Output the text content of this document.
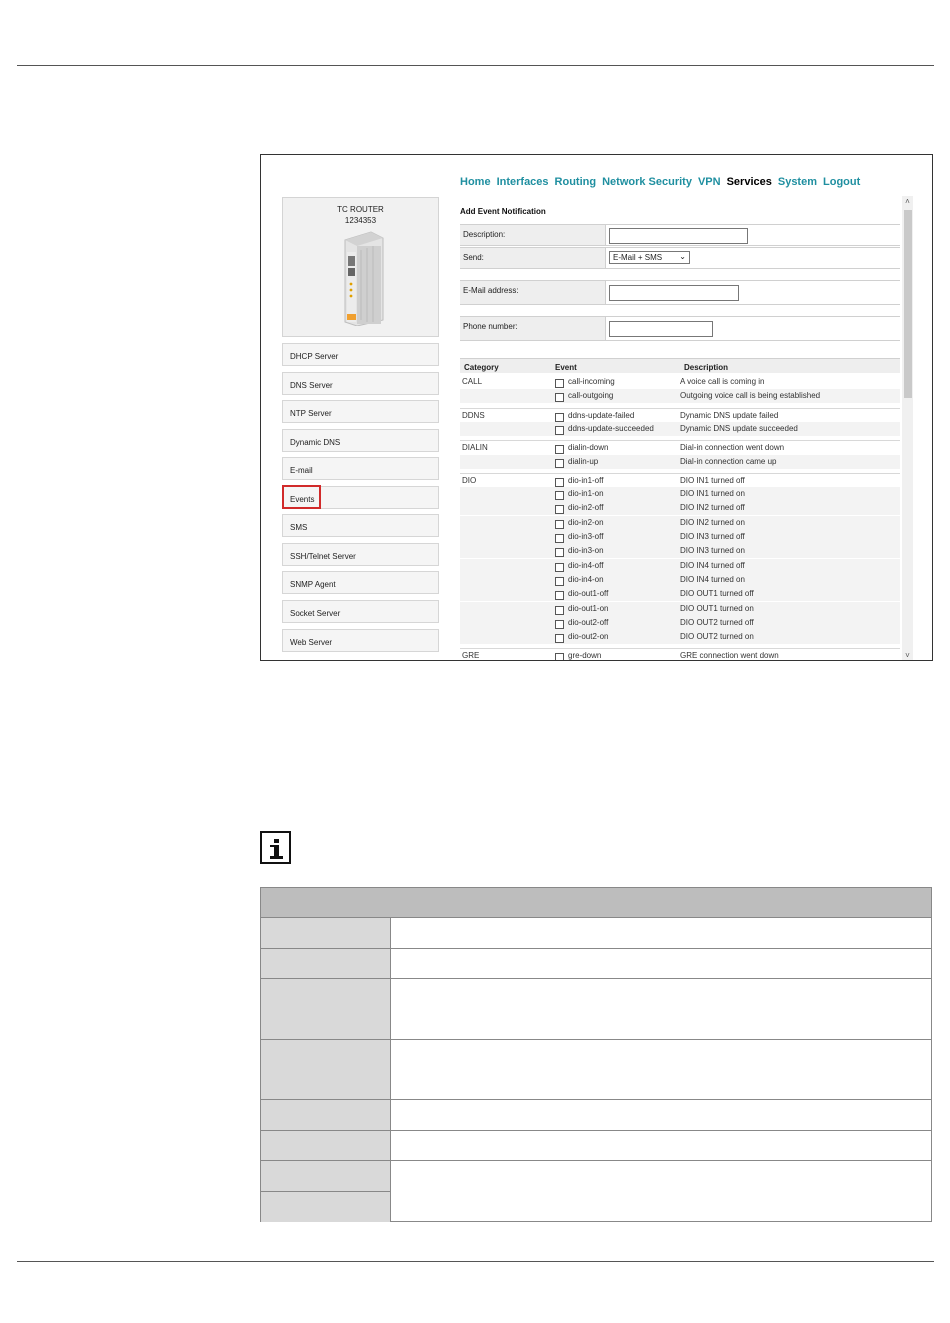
Home Interfaces Routing Network Security VPN Services System Logout
TC ROUTER
1234353
DHCP Server
DNS Server
NTP Server
Dynamic DNS
E-mail
Events
SMS
SSH/Telnet Server
SNMP Agent
Socket Server
Web Server
Add Event Notification
Description:
Send:	E-Mail + SMS ⌄
E-Mail address:
Phone number:
Category	Event	Description
CALL	call-incoming	A voice call is coming in
call-outgoing	Outgoing voice call is being established
DDNS	ddns-update-failed	Dynamic DNS update failed
ddns-update-succeeded	Dynamic DNS update succeeded
DIALIN	dialin-down	Dial-in connection went down
dialin-up	Dial-in connection came up
DIO	dio-in1-off	DIO IN1 turned off
dio-in1-on	DIO IN1 turned on
dio-in2-off	DIO IN2 turned off
dio-in2-on	DIO IN2 turned on
dio-in3-off	DIO IN3 turned off
dio-in3-on	DIO IN3 turned on
dio-in4-off	DIO IN4 turned off
dio-in4-on	DIO IN4 turned on
dio-out1-off	DIO OUT1 turned off
dio-out1-on	DIO OUT1 turned on
dio-out2-off	DIO OUT2 turned off
dio-out2-on	DIO OUT2 turned on
GRE	gre-down	GRE connection went down
˄
˅
